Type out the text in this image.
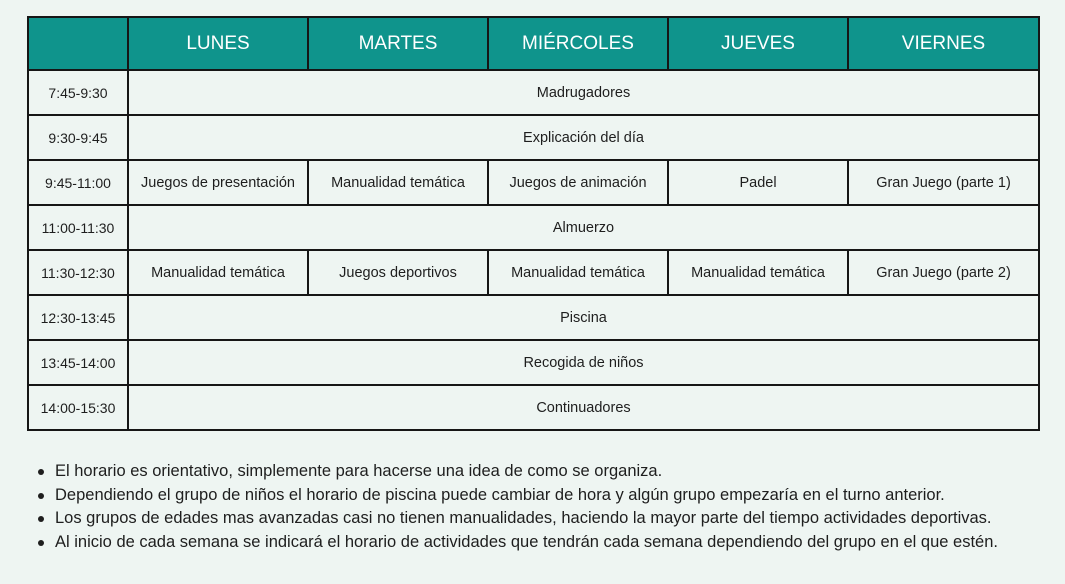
	LUNES	MARTES	MIÉRCOLES	JUEVES	VIERNES
7:45-9:30	Madrugadores				
9:30-9:45	Explicación del día				
9:45-11:00	Juegos de presentación	Manualidad temática	Juegos de animación	Padel	Gran Juego (parte 1)
11:00-11:30	Almuerzo				
11:30-12:30	Manualidad temática	Juegos deportivos	Manualidad temática	Manualidad temática	Gran Juego (parte 2)
12:30-13:45	Piscina				
13:45-14:00	Recogida de niños				
14:00-15:30	Continuadores				
El horario es orientativo, simplemente para hacerse una idea de como se organiza.
Dependiendo el grupo de niños el horario de piscina puede cambiar de hora y algún grupo empezaría en el turno anterior.
Los grupos de edades mas avanzadas casi no tienen manualidades, haciendo la mayor parte del tiempo actividades deportivas.
Al inicio de cada semana se indicará el horario de actividades que tendrán cada semana dependiendo del grupo en el que estén.
